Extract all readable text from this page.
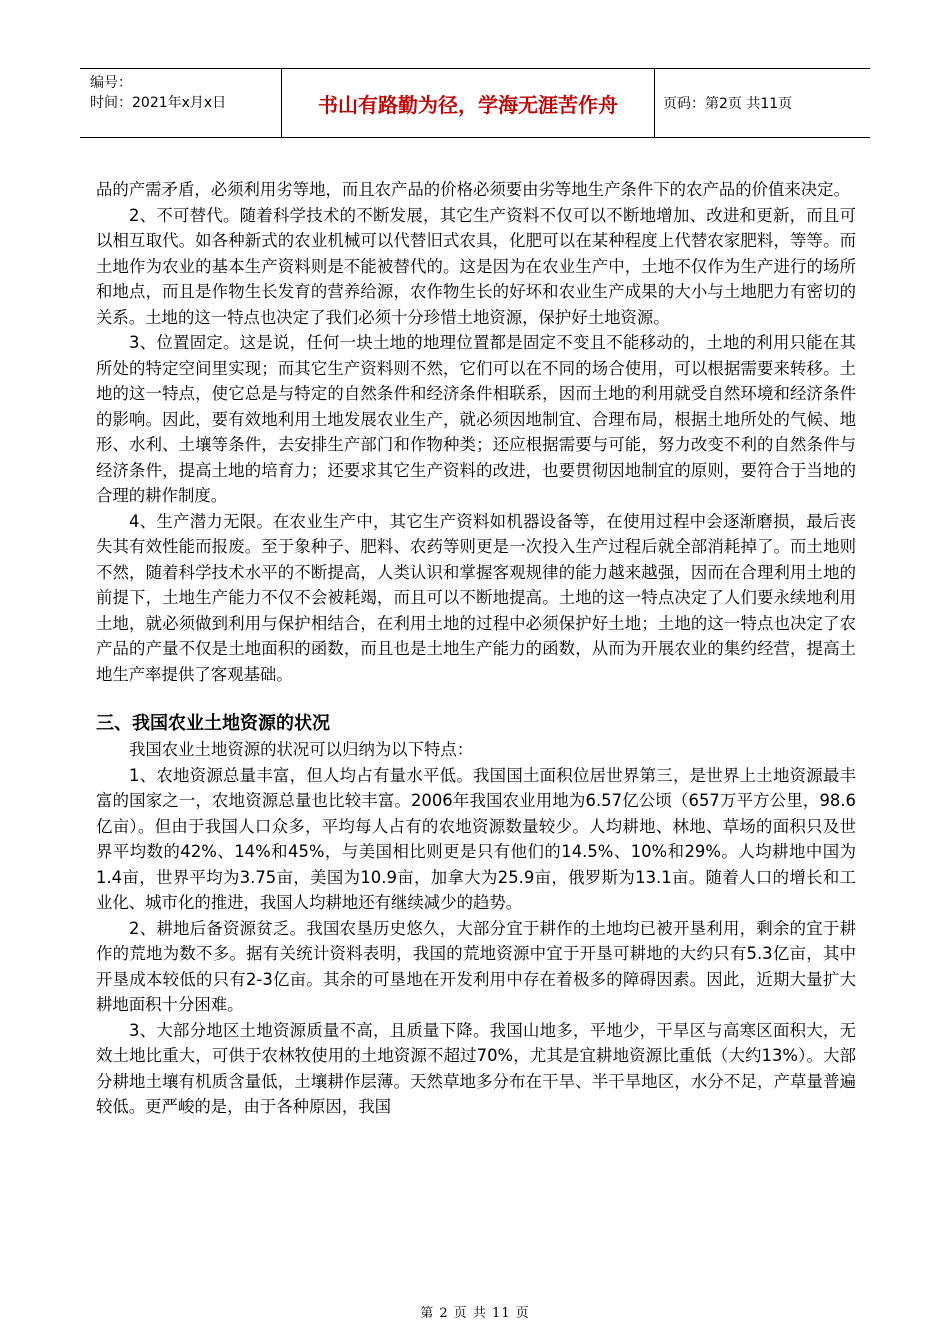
编号：
时间：2021年x月x日	书山有路勤为径，学海无涯苦作舟	页码：第2页 共11页

品的产需矛盾，必须利用劣等地，而且农产品的价格必须要由劣等地生产条件下的农产品的价值来决定。

2、不可替代。随着科学技术的不断发展，其它生产资料不仅可以不断地增加、改进和更新，而且可以相互取代。如各种新式的农业机械可以代替旧式农具，化肥可以在某种程度上代替农家肥料，等等。而土地作为农业的基本生产资料则是不能被替代的。这是因为在农业生产中，土地不仅作为生产进行的场所和地点，而且是作物生长发育的营养给源，农作物生长的好坏和农业生产成果的大小与土地肥力有密切的关系。土地的这一特点也决定了我们必须十分珍惜土地资源，保护好土地资源。

3、位置固定。这是说，任何一块土地的地理位置都是固定不变且不能移动的，土地的利用只能在其所处的特定空间里实现；而其它生产资料则不然，它们可以在不同的场合使用，可以根据需要来转移。土地的这一特点，使它总是与特定的自然条件和经济条件相联系，因而土地的利用就受自然环境和经济条件的影响。因此，要有效地利用土地发展农业生产，就必须因地制宜、合理布局，根据土地所处的气候、地形、水利、土壤等条件，去安排生产部门和作物种类；还应根据需要与可能，努力改变不利的自然条件与经济条件，提高土地的培育力；还要求其它生产资料的改进，也要贯彻因地制宜的原则，要符合于当地的合理的耕作制度。

4、生产潜力无限。在农业生产中，其它生产资料如机器设备等，在使用过程中会逐渐磨损，最后丧失其有效性能而报废。至于象种子、肥料、农药等则更是一次投入生产过程后就全部消耗掉了。而土地则不然，随着科学技术水平的不断提高，人类认识和掌握客观规律的能力越来越强，因而在合理利用土地的前提下，土地生产能力不仅不会被耗竭，而且可以不断地提高。土地的这一特点决定了人们要永续地利用土地，就必须做到利用与保护相结合，在利用土地的过程中必须保护好土地；土地的这一特点也决定了农产品的产量不仅是土地面积的函数，而且也是土地生产能力的函数，从而为开展农业的集约经营，提高土地生产率提供了客观基础。

三、我国农业土地资源的状况

我国农业土地资源的状况可以归纳为以下特点：

1、农地资源总量丰富，但人均占有量水平低。我国国土面积位居世界第三，是世界上土地资源最丰富的国家之一，农地资源总量也比较丰富。2006年我国农业用地为6.57亿公顷（657万平方公里，98.6亿亩）。但由于我国人口众多，平均每人占有的农地资源数量较少。人均耕地、林地、草场的面积只及世界平均数的42%、14%和45%，与美国相比则更是只有他们的14.5%、10%和29%。人均耕地中国为1.4亩，世界平均为3.75亩，美国为10.9亩，加拿大为25.9亩，俄罗斯为13.1亩。随着人口的增长和工业化、城市化的推进，我国人均耕地还有继续减少的趋势。

2、耕地后备资源贫乏。我国农垦历史悠久，大部分宜于耕作的土地均已被开垦利用，剩余的宜于耕作的荒地为数不多。据有关统计资料表明，我国的荒地资源中宜于开垦可耕地的大约只有5.3亿亩，其中开垦成本较低的只有2-3亿亩。其余的可垦地在开发利用中存在着极多的障碍因素。因此，近期大量扩大耕地面积十分困难。

3、大部分地区土地资源质量不高，且质量下降。我国山地多，平地少，干旱区与高寒区面积大，无效土地比重大，可供于农林牧使用的土地资源不超过70%，尤其是宜耕地资源比重低（大约13%）。大部分耕地土壤有机质含量低，土壤耕作层薄。天然草地多分布在干旱、半干旱地区，水分不足，产草量普遍较低。更严峻的是，由于各种原因，我国

第 2 页 共 11 页
